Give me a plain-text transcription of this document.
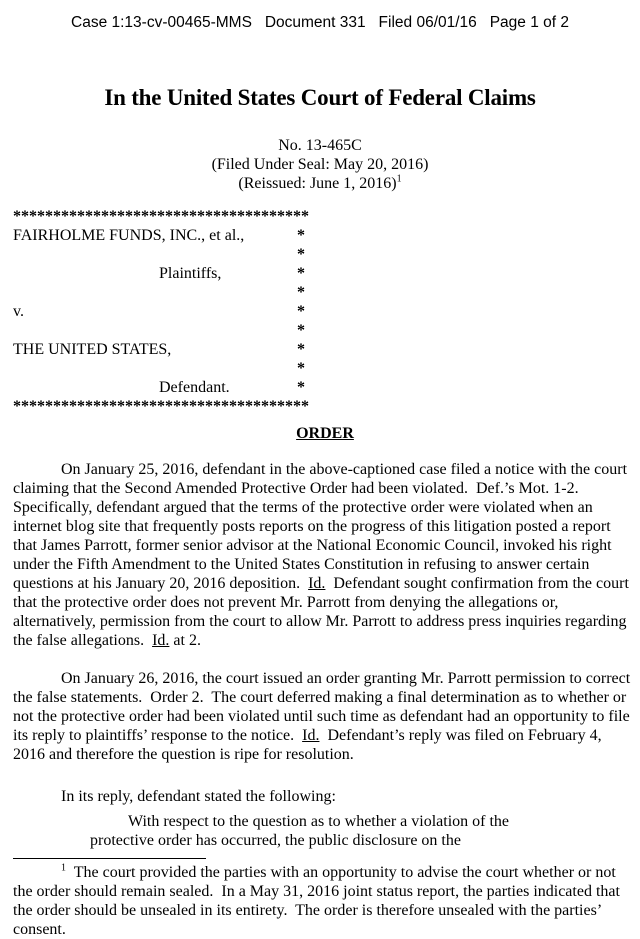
Case 1:13-cv-00465-MMS   Document 331   Filed 06/01/16   Page 1 of 2
In the United States Court of Federal Claims
No. 13-465C
(Filed Under Seal: May 20, 2016)
(Reissued: June 1, 2016)$^1$
*************************************
FAIRHOLME FUNDS, INC., et al.,	*
*
Plaintiffs,	*
*
v.	*
*
THE UNITED STATES,	*
*
Defendant.	*
*************************************
ORDER

On January 25, 2016, defendant in the above-captioned case filed a notice with the court claiming that the Second Amended Protective Order had been violated.  Def.’s Mot. 1-2.  Specifically, defendant argued that the terms of the protective order were violated when an internet blog site that frequently posts reports on the progress of this litigation posted a report that James Parrott, former senior advisor at the National Economic Council, invoked his right under the Fifth Amendment to the United States Constitution in refusing to answer certain questions at his January 20, 2016 deposition.  Id.  Defendant sought confirmation from the court that the protective order does not prevent Mr. Parrott from denying the allegations or, alternatively, permission from the court to allow Mr. Parrott to address press inquiries regarding the false allegations.  Id. at 2.

On January 26, 2016, the court issued an order granting Mr. Parrott permission to correct the false statements.  Order 2.  The court deferred making a final determination as to whether or not the protective order had been violated until such time as defendant had an opportunity to file its reply to plaintiffs’ response to the notice.  Id.  Defendant’s reply was filed on February 4, 2016 and therefore the question is ripe for resolution.

In its reply, defendant stated the following:

With respect to the question as to whether a violation of the protective order has occurred, the public disclosure on the

$^1$  The court provided the parties with an opportunity to advise the court whether or not the order should remain sealed.  In a May 31, 2016 joint status report, the parties indicated that the order should be unsealed in its entirety.  The order is therefore unsealed with the parties’ consent.
